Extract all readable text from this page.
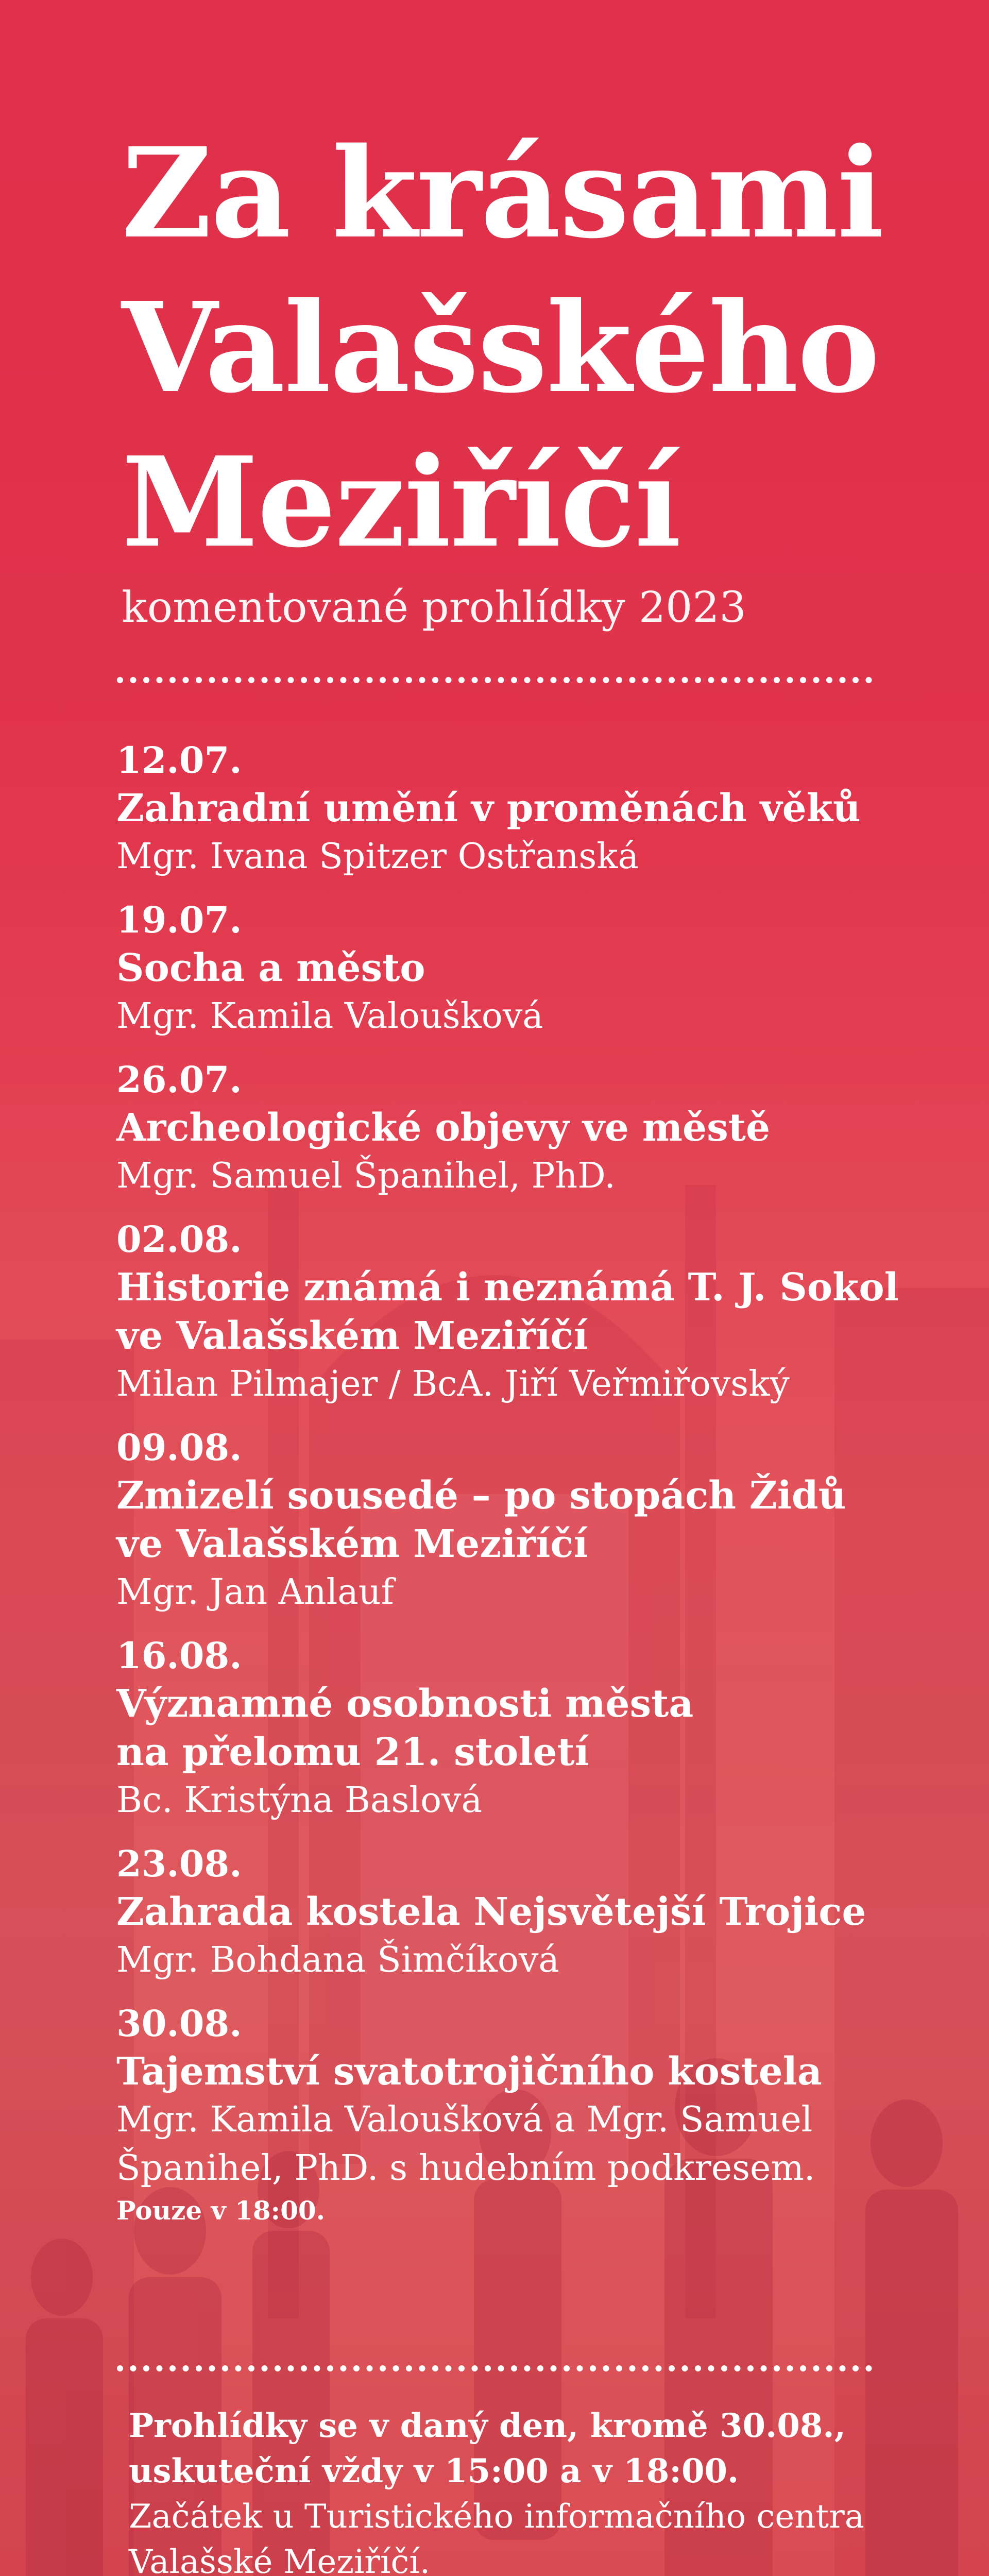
Za krásami
Valašského
Meziříčí
komentované prohlídky 2023
12.07.
Zahradní umění v proměnách věků
Mgr. Ivana Spitzer Ostřanská
19.07.
Socha a město
Mgr. Kamila Valoušková
26.07.
Archeologické objevy ve městě
Mgr. Samuel Španihel, PhD.
02.08.
Historie známá i neznámá T. J. Sokol
ve Valašském Meziříčí
Milan Pilmajer / BcA. Jiří Veřmiřovský
09.08.
Zmizelí sousedé – po stopách Židů
ve Valašském Meziříčí
Mgr. Jan Anlauf
16.08.
Významné osobnosti města
na přelomu 21. století
Bc. Kristýna Baslová
23.08.
Zahrada kostela Nejsvětejší Trojice
Mgr. Bohdana Šimčíková
30.08.
Tajemství svatotrojičního kostela
Mgr. Kamila Valoušková a Mgr. Samuel
Španihel, PhD. s hudebním podkresem.
Pouze v 18:00.
Prohlídky se v daný den, kromě 30.08.,
uskuteční vždy v 15:00 a v 18:00.
Začátek u Turistického informačního centra
Valašské Meziříčí.
